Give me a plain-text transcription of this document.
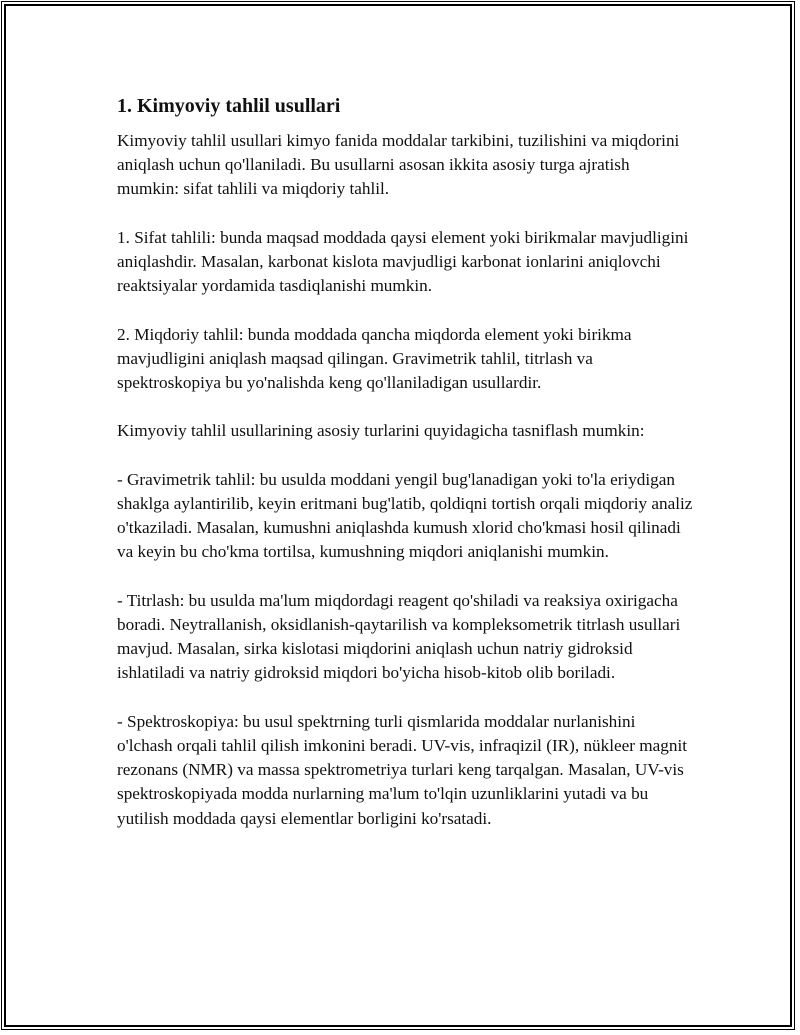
1. Kimyoviy tahlil usullari

Kimyoviy tahlil usullari kimyo fanida moddalar tarkibini, tuzilishini va miqdorini aniqlash uchun qo'llaniladi. Bu usullarni asosan ikkita asosiy turga ajratish mumkin: sifat tahlili va miqdoriy tahlil.

1. Sifat tahlili: bunda maqsad moddada qaysi element yoki birikmalar mavjudligini aniqlashdir. Masalan, karbonat kislota mavjudligi karbonat ionlarini aniqlovchi reaktsiyalar yordamida tasdiqlanishi mumkin.

2. Miqdoriy tahlil: bunda moddada qancha miqdorda element yoki birikma mavjudligini aniqlash maqsad qilingan. Gravimetrik tahlil, titrlash va spektroskopiya bu yo'nalishda keng qo'llaniladigan usullardir.

Kimyoviy tahlil usullarining asosiy turlarini quyidagicha tasniflash mumkin:

- Gravimetrik tahlil: bu usulda moddani yengil bug'lanadigan yoki to'la eriydigan shaklga aylantirilib, keyin eritmani bug'latib, qoldiqni tortish orqali miqdoriy analiz o'tkaziladi. Masalan, kumushni aniqlashda kumush xlorid cho'kmasi hosil qilinadi va keyin bu cho'kma tortilsa, kumushning miqdori aniqlanishi mumkin.

- Titrlash: bu usulda ma'lum miqdordagi reagent qo'shiladi va reaksiya oxirigacha boradi. Neytrallanish, oksidlanish-qaytarilish va kompleksometrik titrlash usullari mavjud. Masalan, sirka kislotasi miqdorini aniqlash uchun natriy gidroksid ishlatiladi va natriy gidroksid miqdori bo'yicha hisob-kitob olib boriladi.

- Spektroskopiya: bu usul spektrning turli qismlarida moddalar nurlanishini o'lchash orqali tahlil qilish imkonini beradi. UV-vis, infraqizil (IR), nükleer magnit rezonans (NMR) va massa spektrometriya turlari keng tarqalgan. Masalan, UV-vis spektroskopiyada modda nurlarning ma'lum to'lqin uzunliklarini yutadi va bu yutilish moddada qaysi elementlar borligini ko'rsatadi.
